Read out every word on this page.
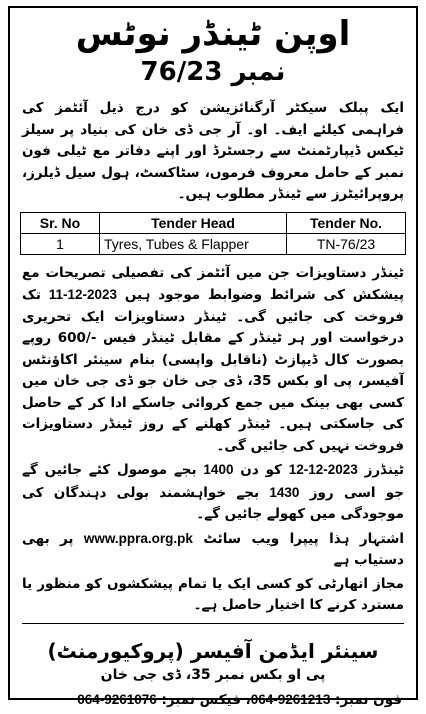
اوپن ٹینڈر نوٹس
نمبر 76/23
ایک پبلک سیکٹر آرگنائزیشن کو درج ذیل آئٹمز کی فراہمی کیلئے ایف۔ او۔ آر جی ڈی خان کی بنیاد پر سیلز ٹیکس ڈیپارٹمنٹ سے رجسٹرڈ اور اپنے دفاتر مع ٹیلی فون نمبر کے حامل معروف فرموں، سٹاکسٹ، ہول سیل ڈیلرز، پروپرائیٹرز سے ٹینڈر مطلوب ہیں۔
Sr. No	Tender Head	Tender No.
1	Tyres, Tubes & Flapper	TN-76/23

ٹینڈر دستاویزات جن میں آئٹمز کی تفصیلی تصریحات مع پیشکش کی شرائط وضوابط موجود ہیں 11-12-2023 تک فروخت کی جائیں گی۔ ٹینڈر دستاویزات ایک تحریری درخواست اور ہر ٹینڈر کے مقابل ٹینڈر فیس -/600 روپے بصورت کال ڈیپازٹ (ناقابل واپسی) بنام سینئر اکاؤنٹس آفیسر، پی او بکس 35، ڈی جی خان جو ڈی جی خان میں کسی بھی بینک میں جمع کروائی جاسکے ادا کر کے حاصل کی جاسکتی ہیں۔ ٹینڈر کھلنے کے روز ٹینڈر دستاویزات فروخت نہیں کی جائیں گی۔

ٹینڈرز 12-12-2023 کو دن 1400 بجے موصول کئے جائیں گے جو اسی روز 1430 بجے خواہشمند بولی دہندگان کی موجودگی میں کھولے جائیں گے۔

اشتہار ہذا پیپرا ویب سائٹ www.ppra.org.pk پر بھی دستیاب ہے

مجاز اتھارٹی کو کسی ایک یا تمام پیشکشوں کو منظور یا مسترد کرنے کا اختیار حاصل ہے۔

سینئر ایڈمن آفیسر (پروکیورمنٹ)
پی او بکس نمبر 35، ڈی جی خان
فون نمبر: 064-9261213، فیکس نمبر: 064-9261076
